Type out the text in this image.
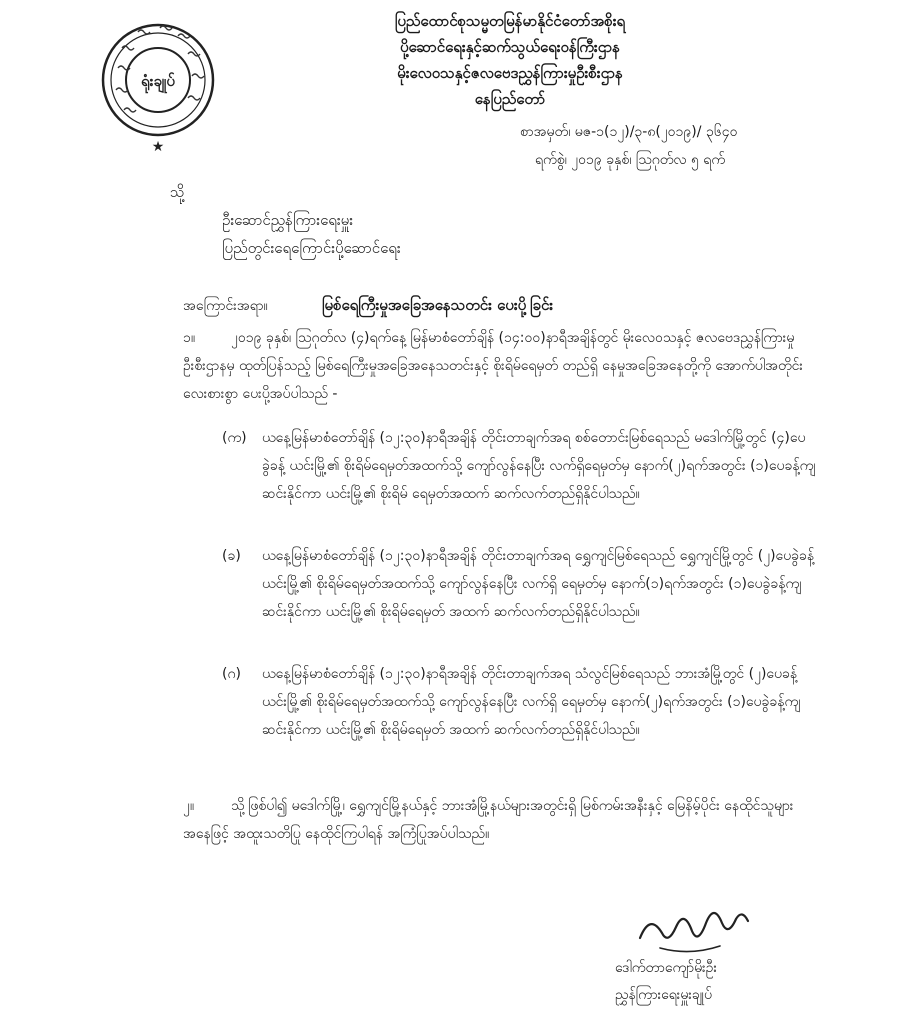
ရုံးချုပ်
★
ပြည်ထောင်စုသမ္မတမြန်မာနိုင်ငံတော်အစိုးရ
ပို့ဆောင်ရေးနှင့်ဆက်သွယ်ရေးဝန်ကြီးဌာန
မိုးလေဝသနှင့်ဇလဗေဒညွှန်ကြားမှုဦးစီးဌာန
နေပြည်တော်
စာအမှတ်၊ မဇ-၁(၁၂)/၃-၈(၂၀၁၉)/ ၃၆၄၀
ရက်စွဲ၊ ၂၀၁၉ ခုနှစ်၊ ဩဂုတ်လ ၅ ရက်
သို့
ဦးဆောင်ညွှန်ကြားရေးမှူး
ပြည်တွင်းရေကြောင်းပို့ဆောင်ရေး
အကြောင်းအရာ။	မြစ်ရေကြီးမှုအခြေအနေသတင်း ပေးပို့ခြင်း
၁။	၂၀၁၉ ခုနှစ်၊ ဩဂုတ်လ (၄)ရက်နေ့ မြန်မာစံတော်ချိန် (၁၄:၀၀)နာရီအချိန်တွင် မိုးလေဝသနှင့် ဇလဗေဒညွှန်ကြားမှုဦးစီးဌာနမှ ထုတ်ပြန်သည့် မြစ်ရေကြီးမှုအခြေအနေသတင်းနှင့် စိုးရိမ်ရေမှတ် တည်ရှိ နေမှုအခြေအနေတို့ကို အောက်ပါအတိုင်း လေးစားစွာ ပေးပို့အပ်ပါသည် -
(က) ယနေ့မြန်မာစံတော်ချိန် (၁၂:၃၀)နာရီအချိန် တိုင်းတာချက်အရ စစ်တောင်းမြစ်ရေသည် မဒေါက်မြို့တွင် (၄)ပေခွဲခန့် ယင်းမြို့၏ စိုးရိမ်ရေမှတ်အထက်သို့ ကျော်လွန်နေပြီး လက်ရှိရေမှတ်မှ နောက်(၂)ရက်အတွင်း (၁)ပေခန့်ကျဆင်းနိုင်ကာ ယင်းမြို့၏ စိုးရိမ် ရေမှတ်အထက် ဆက်လက်တည်ရှိနိုင်ပါသည်။
(ခ) ယနေ့မြန်မာစံတော်ချိန် (၁၂:၃၀)နာရီအချိန် တိုင်းတာချက်အရ ရွှေကျင်မြစ်ရေသည် ရွှေကျင်မြို့တွင် (၂)ပေခွဲခန့် ယင်းမြို့၏ စိုးရိမ်ရေမှတ်အထက်သို့ ကျော်လွန်နေပြီး လက်ရှိ ရေမှတ်မှ နောက်(၁)ရက်အတွင်း (၁)ပေခွဲခန့်ကျဆင်းနိုင်ကာ ယင်းမြို့၏ စိုးရိမ်ရေမှတ် အထက် ဆက်လက်တည်ရှိနိုင်ပါသည်။
(ဂ) ယနေ့မြန်မာစံတော်ချိန် (၁၂:၃၀)နာရီအချိန် တိုင်းတာချက်အရ သံလွင်မြစ်ရေသည် ဘားအံမြို့တွင် (၂)ပေခန့် ယင်းမြို့၏ စိုးရိမ်ရေမှတ်အထက်သို့ ကျော်လွန်နေပြီး လက်ရှိ ရေမှတ်မှ နောက်(၂)ရက်အတွင်း (၁)ပေခွဲခန့်ကျဆင်းနိုင်ကာ ယင်းမြို့၏ စိုးရိမ်ရေမှတ် အထက် ဆက်လက်တည်ရှိနိုင်ပါသည်။
၂။	သို့ဖြစ်ပါ၍ မဒေါက်မြို့၊ ရွှေကျင်မြို့နယ်နှင့် ဘားအံမြို့နယ်များအတွင်းရှိ မြစ်ကမ်းအနီးနှင့် မြေနိမ့်ပိုင်း နေထိုင်သူများအနေဖြင့် အထူးသတိပြု နေထိုင်ကြပါရန် အကြံပြုအပ်ပါသည်။
ဒေါက်တာကျော်မိုးဦး
ညွှန်ကြားရေးမှူးချုပ်
